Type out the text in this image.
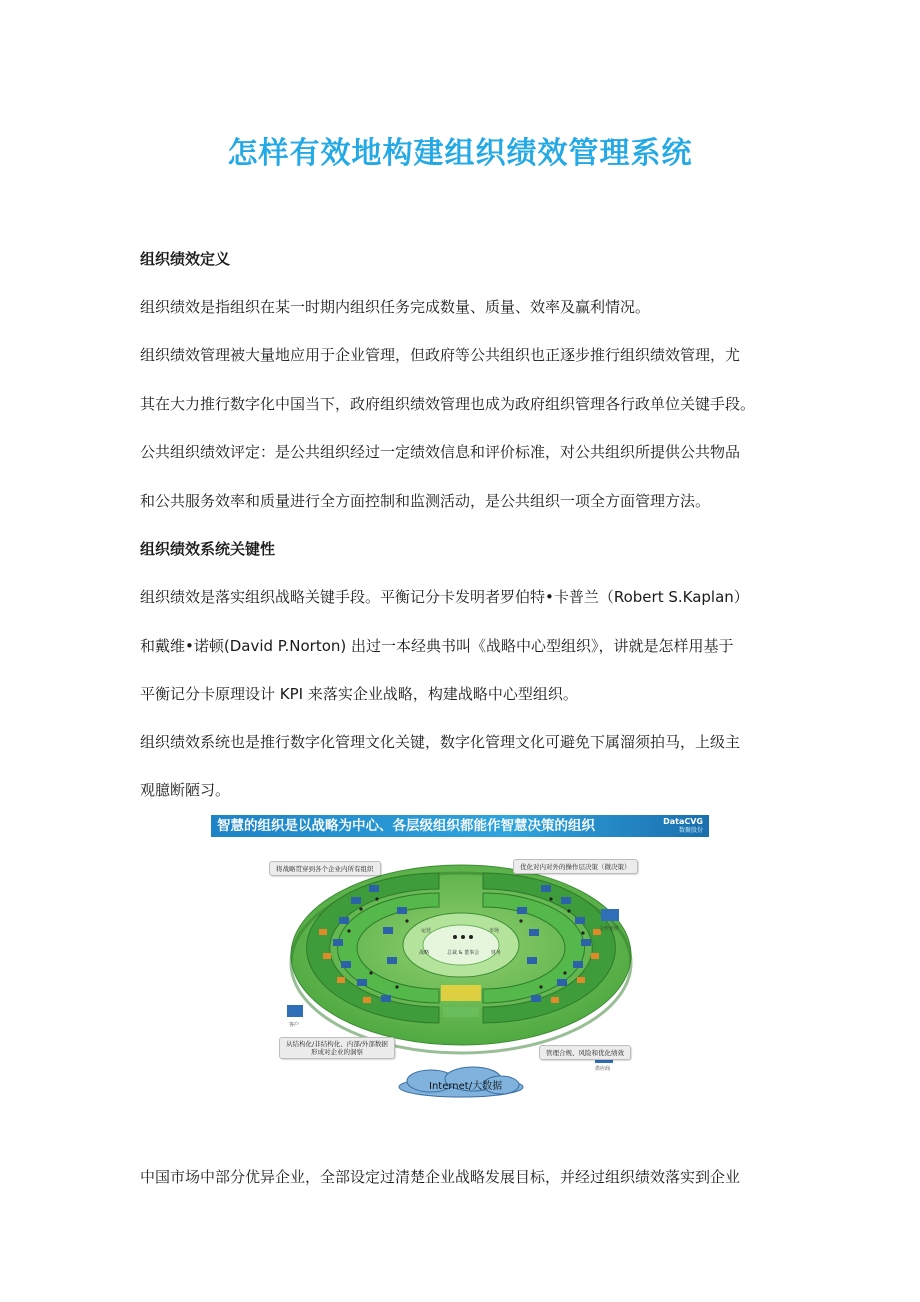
怎样有效地构建组织绩效管理系统
组织绩效定义
组织绩效是指组织在某一时期内组织任务完成数量、质量、效率及赢利情况。
组织绩效管理被大量地应用于企业管理，但政府等公共组织也正逐步推行组织绩效管理，尤
其在大力推行数字化中国当下，政府组织绩效管理也成为政府组织管理各行政单位关键手段。
公共组织绩效评定：是公共组织经过一定绩效信息和评价标准，对公共组织所提供公共物品
和公共服务效率和质量进行全方面控制和监测活动，是公共组织一项全方面管理方法。
组织绩效系统关键性
组织绩效是落实组织战略关键手段。平衡记分卡发明者罗伯特•卡普兰（Robert S.Kaplan）
和戴维•诺顿(David P.Norton) 出过一本经典书叫《战略中心型组织》，讲就是怎样用基于
平衡记分卡原理设计 KPI 来落实企业战略，构建战略中心型组织。
组织绩效系统也是推行数字化管理文化关键，数字化管理文化可避免下属溜须拍马，上级主
观臆断陋习。
智慧的组织是以战略为中心、各层级组织都能作智慧决策的组织	DataCVG
数聚股份
将战略贯穿到各个企业内所有组织	优化对内对外的操作层决策（微决策）
从结构化/非结构化、内部/外部数据
形成对企业的洞察	管理合规、风险和优化绩效
客户
合作伙伴
供应商
总裁 & 董事会
战略	财务
运营	市场
Internet/大数据
中国市场中部分优异企业，全部设定过清楚企业战略发展目标，并经过组织绩效落实到企业
